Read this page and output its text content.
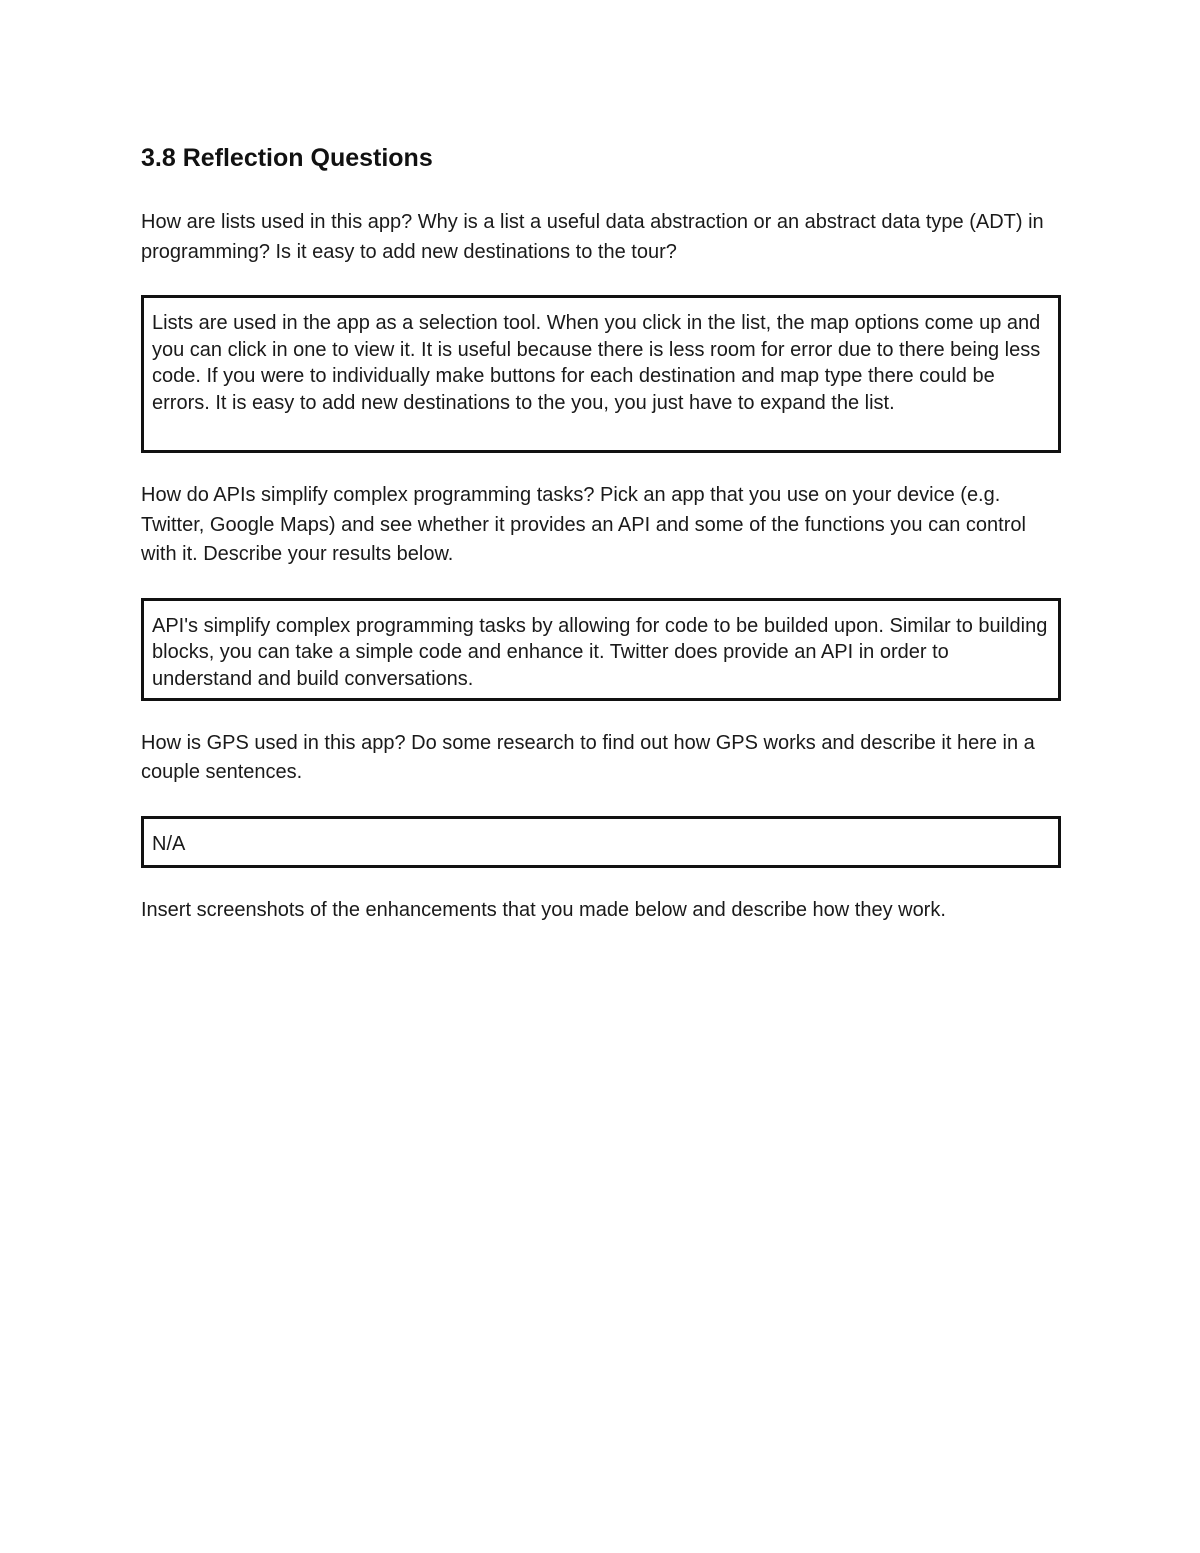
3.8 Reflection Questions

How are lists used in this app? Why is a list a useful data abstraction or an abstract data type (ADT) in programming? Is it easy to add new destinations to the tour?

Lists are used in the app as a selection tool. When you click in the list, the map options come up and you can click in one to view it. It is useful because there is less room for error due to there being less code. If you were to individually make buttons for each destination and map type there could be errors. It is easy to add new destinations to the you, you just have to expand the list.

How do APIs simplify complex programming tasks? Pick an app that you use on your device (e.g. Twitter, Google Maps) and see whether it provides an API and some of the functions you can control with it. Describe your results below.

API's simplify complex programming tasks by allowing for code to be builded upon. Similar to building blocks, you can take a simple code and enhance it. Twitter does provide an API in order to understand and build conversations.

How is GPS used in this app? Do some research to find out how GPS works and describe it here in a couple sentences.

N/A

Insert screenshots of the enhancements that you made below and describe how they work.
